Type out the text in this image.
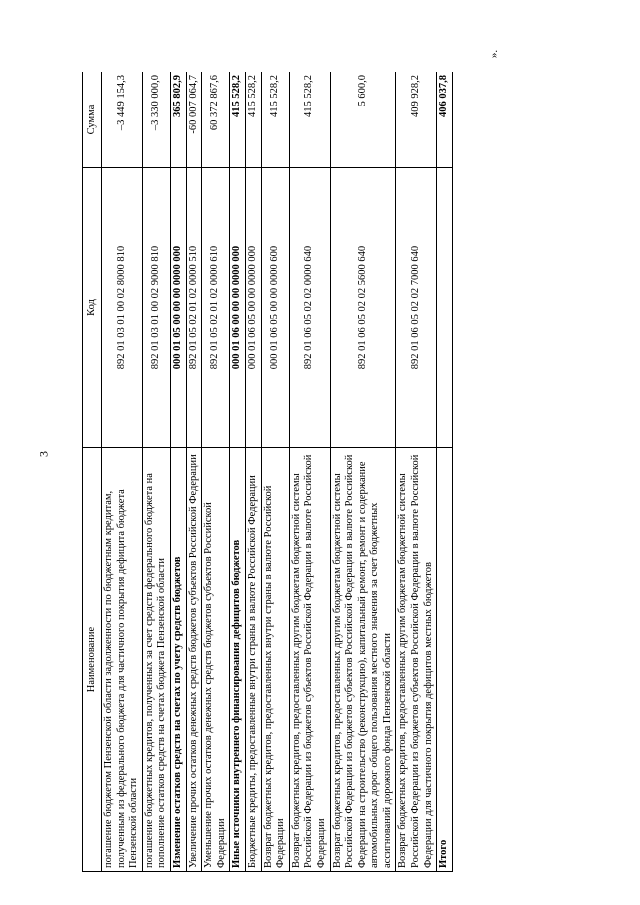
3
Наименование	Код	Сумма
погашение бюджетом Пензенской области задолженности по бюджетным кредитам, полученным из федерального бюджета для частичного покрытия дефицита бюджета Пензенской области	892 01 03 01 00 02 8000 810	–3 449 154,3
погашение бюджетных кредитов, полученных за счет средств федерального бюджета на пополнение остатков средств на счетах бюджета Пензенской области	892 01 03 01 00 02 9000 810	–3 330 000,0
Изменение остатков средств на счетах по учету средств бюджетов	000 01 05 00 00 00 0000 000	365 802,9
Увеличение прочих остатков денежных средств бюджетов субъектов Российской Федерации	892 01 05 02 01 02 0000 510	-60 007 064,7
Уменьшение прочих остатков денежных средств бюджетов субъектов Российской Федерации	892 01 05 02 01 02 0000 610	60 372 867,6
Иные источники внутреннего финансирования дефицитов бюджетов	000 01 06 00 00 00 0000 000	415 528,2
Бюджетные кредиты, предоставленные внутри страны в валюте Российской Федерации	000 01 06 05 00 00 0000 000	415 528,2
Возврат бюджетных кредитов, предоставленных внутри страны в валюте Российской Федерации	000 01 06 05 00 00 0000 600	415 528,2
Возврат бюджетных кредитов, предоставленных другим бюджетам бюджетной системы Российской Федерации из бюджетов субъектов Российской Федерации в валюте Российской Федерации	892 01 06 05 02 02 0000 640	415 528,2
Возврат бюджетных кредитов, предоставленных другим бюджетам бюджетной системы Российской Федерации из бюджетов субъектов Российской Федерации в валюте Российской Федерации на строительство (реконструкцию), капитальный ремонт, ремонт и содержание автомобильных дорог общего пользования местного значения за счет бюджетных ассигнований дорожного фонда Пензенской области	892 01 06 05 02 02 5600 640	5 600,0
Возврат бюджетных кредитов, предоставленных другим бюджетам бюджетной системы Российской Федерации из бюджетов субъектов Российской Федерации в валюте Российской Федерации для частичного покрытия дефицитов местных бюджетов	892 01 06 05 02 02 7000 640	409 928,2
Итого		406 037,8
».
